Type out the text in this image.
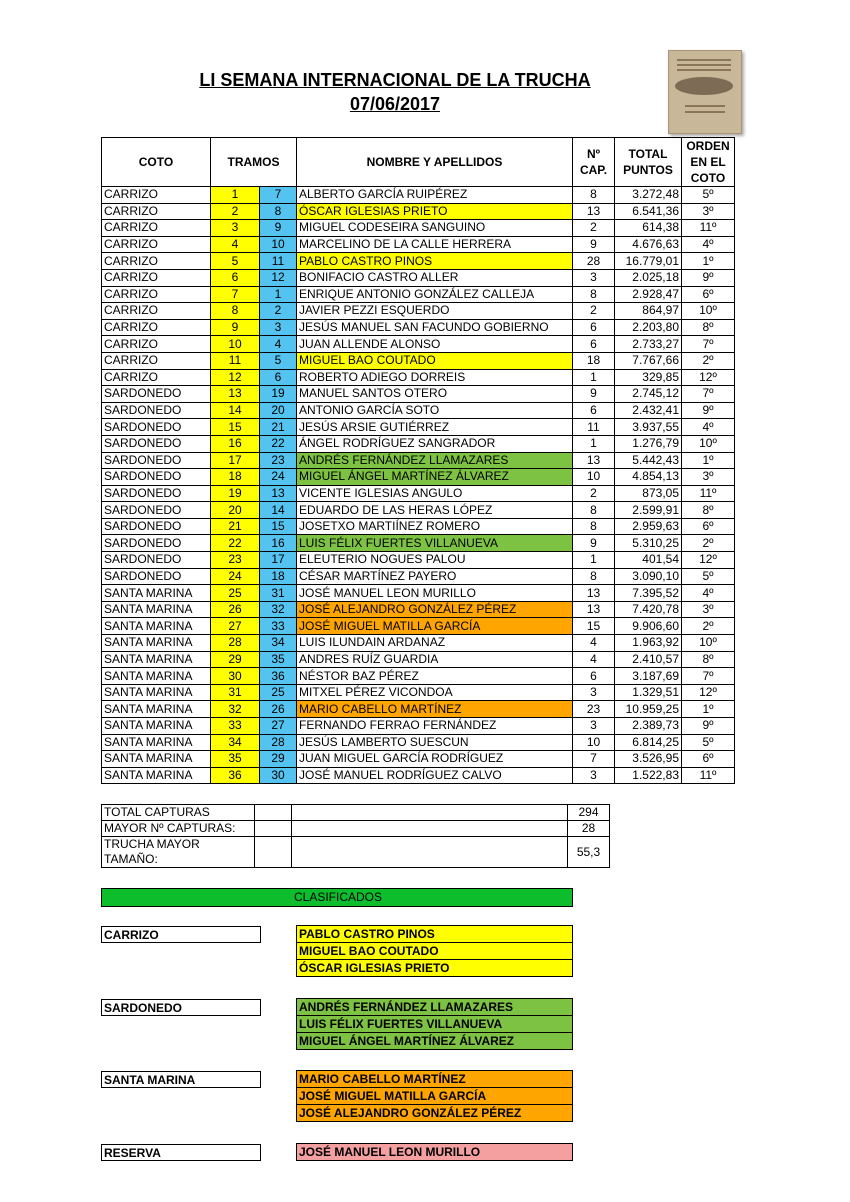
LI SEMANA INTERNACIONAL DE LA TRUCHA
07/06/2017
COTO	TRAMOS		NOMBRE Y APELLIDOS	Nº CAP.	TOTAL PUNTOS	ORDEN EN EL COTO
CARRIZO	1	7	ALBERTO GARCÍA RUIPÉREZ	8	3.272,48	5º
CARRIZO	2	8	ÓSCAR IGLESIAS PRIETO	13	6.541,36	3º
CARRIZO	3	9	MIGUEL CODESEIRA SANGUINO	2	614,38	11º
CARRIZO	4	10	MARCELINO DE LA CALLE HERRERA	9	4.676,63	4º
CARRIZO	5	11	PABLO CASTRO PINOS	28	16.779,01	1º
CARRIZO	6	12	BONIFACIO CASTRO ALLER	3	2.025,18	9º
CARRIZO	7	1	ENRIQUE ANTONIO GONZÁLEZ CALLEJA	8	2.928,47	6º
CARRIZO	8	2	JAVIER PEZZI ESQUERDO	2	864,97	10º
CARRIZO	9	3	JESÚS MANUEL SAN FACUNDO GOBIERNO	6	2.203,80	8º
CARRIZO	10	4	JUAN ALLENDE ALONSO	6	2.733,27	7º
CARRIZO	11	5	MIGUEL BAO COUTADO	18	7.767,66	2º
CARRIZO	12	6	ROBERTO ADIEGO DORREIS	1	329,85	12º
SARDONEDO	13	19	MANUEL SANTOS OTERO	9	2.745,12	7º
SARDONEDO	14	20	ANTONIO GARCÍA SOTO	6	2.432,41	9º
SARDONEDO	15	21	JESÚS ARSIE GUTIÉRREZ	11	3.937,55	4º
SARDONEDO	16	22	ÁNGEL RODRÍGUEZ SANGRADOR	1	1.276,79	10º
SARDONEDO	17	23	ANDRÉS FERNÁNDEZ LLAMAZARES	13	5.442,43	1º
SARDONEDO	18	24	MIGUEL ÁNGEL MARTÍNEZ ÁLVAREZ	10	4.854,13	3º
SARDONEDO	19	13	VICENTE IGLESIAS ANGULO	2	873,05	11º
SARDONEDO	20	14	EDUARDO DE LAS HERAS LÓPEZ	8	2.599,91	8º
SARDONEDO	21	15	JOSETXO MARTIÍNEZ ROMERO	8	2.959,63	6º
SARDONEDO	22	16	LUIS FÉLIX FUERTES VILLANUEVA	9	5.310,25	2º
SARDONEDO	23	17	ELEUTERIO NOGUES PALOU	1	401,54	12º
SARDONEDO	24	18	CÉSAR MARTÍNEZ PAYERO	8	3.090,10	5º
SANTA MARINA	25	31	JOSÉ MANUEL LEON MURILLO	13	7.395,52	4º
SANTA MARINA	26	32	JOSÉ ALEJANDRO GONZÁLEZ PÉREZ	13	7.420,78	3º
SANTA MARINA	27	33	JOSÉ MIGUEL MATILLA GARCÍA	15	9.906,60	2º
SANTA MARINA	28	34	LUIS ILUNDAIN ARDANAZ	4	1.963,92	10º
SANTA MARINA	29	35	ANDRES RUÍZ GUARDIA	4	2.410,57	8º
SANTA MARINA	30	36	NÉSTOR BAZ PÉREZ	6	3.187,69	7º
SANTA MARINA	31	25	MITXEL PÉREZ VICONDOA	3	1.329,51	12º
SANTA MARINA	32	26	MARIO CABELLO MARTÍNEZ	23	10.959,25	1º
SANTA MARINA	33	27	FERNANDO FERRAO FERNÁNDEZ	3	2.389,73	9º
SANTA MARINA	34	28	JESÚS LAMBERTO SUESCUN	10	6.814,25	5º
SANTA MARINA	35	29	JUAN MIGUEL GARCÍA RODRÍGUEZ	7	3.526,95	6º
SANTA MARINA	36	30	JOSÉ MANUEL RODRÍGUEZ CALVO	3	1.522,83	11º
TOTAL CAPTURAS			294
MAYOR Nº CAPTURAS:			28
TRUCHA MAYOR TAMAÑO:			55,3
CLASIFICADOS
CARRIZO	PABLO CASTRO PINOS
MIGUEL BAO COUTADO
ÓSCAR IGLESIAS PRIETO
SARDONEDO	ANDRÉS FERNÁNDEZ LLAMAZARES
LUIS FÉLIX FUERTES VILLANUEVA
MIGUEL ÁNGEL MARTÍNEZ ÁLVAREZ
SANTA MARINA	MARIO CABELLO MARTÍNEZ
JOSÉ MIGUEL MATILLA GARCÍA
JOSÉ ALEJANDRO GONZÁLEZ PÉREZ
RESERVA	JOSÉ MANUEL LEON MURILLO
